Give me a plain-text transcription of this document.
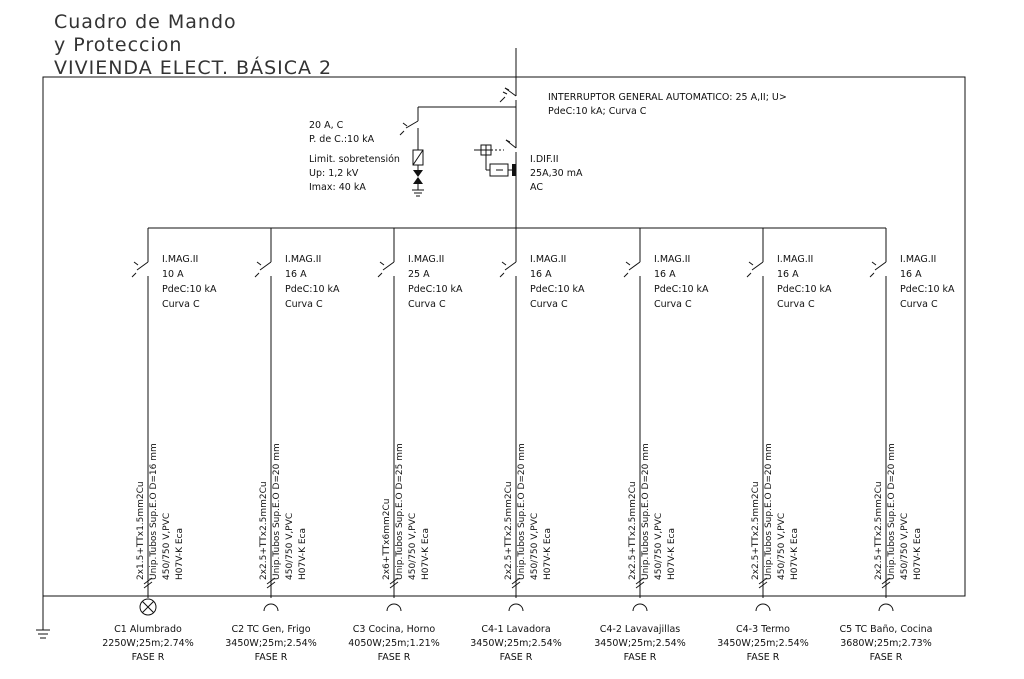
Cuadro de Mando
y Proteccion
VIVIENDA ELECT. BÁSICA 2
INTERRUPTOR GENERAL AUTOMATICO: 25 A,II; U>
PdeC:10 kA; Curva C
20 A, C
P. de C.:10 kA
Limit. sobretensión
Up: 1,2 kV
Imax: 40 kA
I.DIF.II
25A,30 mA
AC
I.MAG.II
10 A
PdeC:10 kA
Curva C
2x1.5+TTx1.5mm2Cu Unip.Tubos Sup.E.O D=16 mm 450/750 V,PVC H07V-K Eca
C1 Alumbrado
2250W;25m;2.74%
FASE R
I.MAG.II
16 A
PdeC:10 kA
Curva C
2x2.5+TTx2.5mm2Cu Unip.Tubos Sup.E.O D=20 mm 450/750 V,PVC H07V-K Eca
C2 TC Gen, Frigo
3450W;25m;2.54%
FASE R
I.MAG.II
25 A
PdeC:10 kA
Curva C
2x6+TTx6mm2Cu Unip.Tubos Sup.E.O D=25 mm 450/750 V,PVC H07V-K Eca
C3 Cocina, Horno
4050W;25m;1.21%
FASE R
I.MAG.II
16 A
PdeC:10 kA
Curva C
2x2.5+TTx2.5mm2Cu Unip.Tubos Sup.E.O D=20 mm 450/750 V,PVC H07V-K Eca
C4-1 Lavadora
3450W;25m;2.54%
FASE R
I.MAG.II
16 A
PdeC:10 kA
Curva C
2x2.5+TTx2.5mm2Cu Unip.Tubos Sup.E.O D=20 mm 450/750 V,PVC H07V-K Eca
C4-2 Lavavajillas
3450W;25m;2.54%
FASE R
I.MAG.II
16 A
PdeC:10 kA
Curva C
2x2.5+TTx2.5mm2Cu Unip.Tubos Sup.E.O D=20 mm 450/750 V,PVC H07V-K Eca
C4-3 Termo
3450W;25m;2.54%
FASE R
I.MAG.II
16 A
PdeC:10 kA
Curva C
2x2.5+TTx2.5mm2Cu Unip.Tubos Sup.E.O D=20 mm 450/750 V,PVC H07V-K Eca
C5 TC Baño, Cocina
3680W;25m;2.73%
FASE R
